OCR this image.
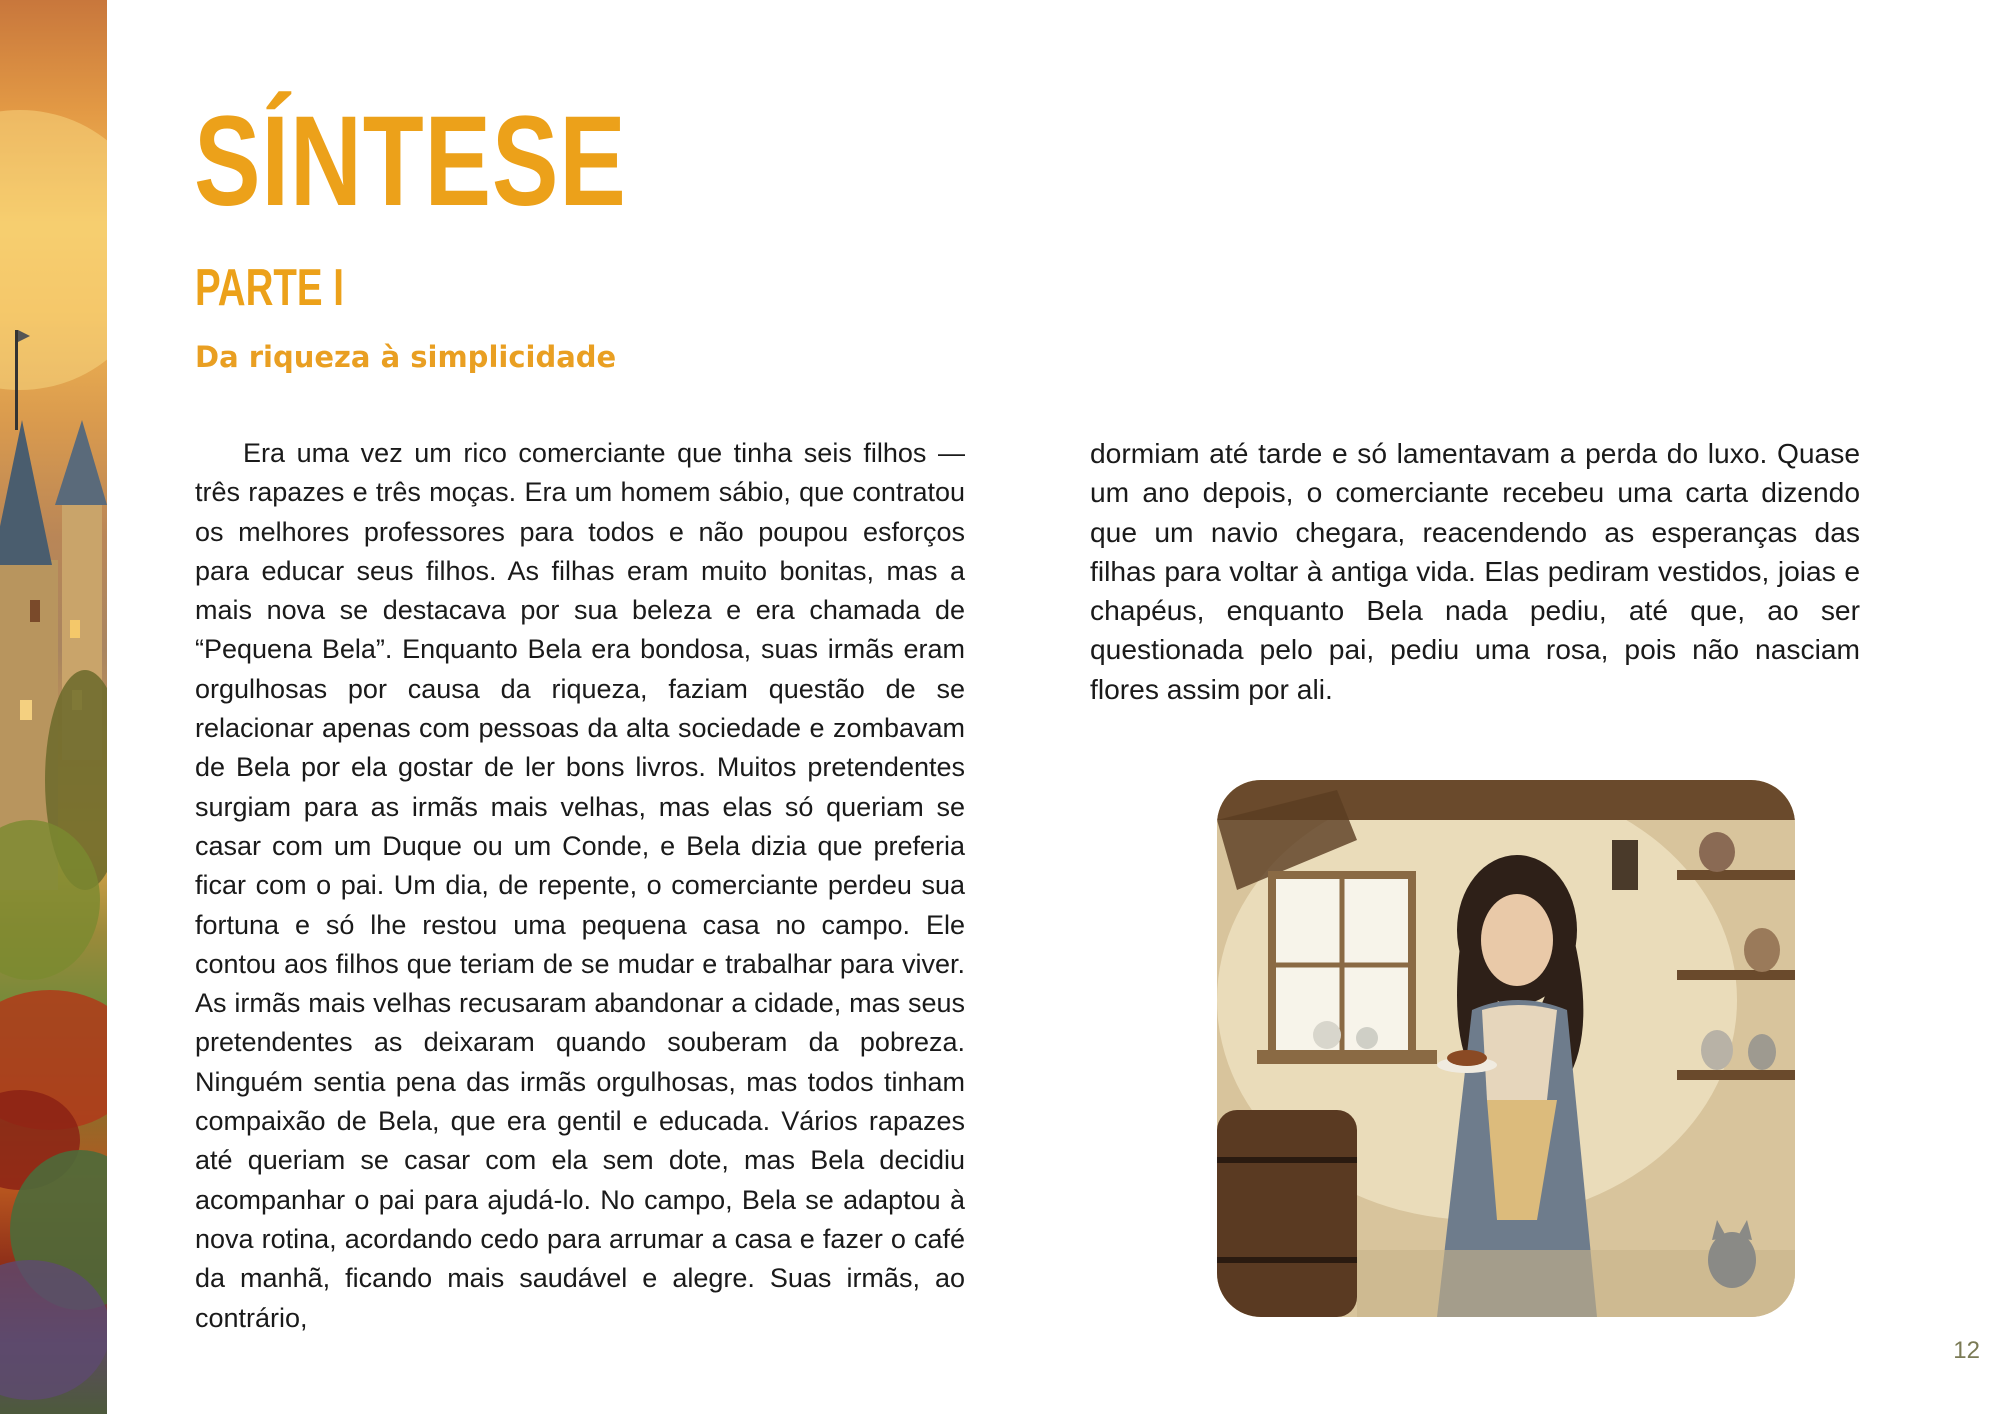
SÍNTESE
PARTE I
Da riqueza à simplicidade

Era uma vez um rico comerciante que tinha seis filhos — três rapazes e três moças. Era um homem sábio, que contratou os melhores professores para todos e não poupou esforços para educar seus filhos. As filhas eram muito bonitas, mas a mais nova se destacava por sua beleza e era chamada de “Pequena Bela”. Enquanto Bela era bondosa, suas irmãs eram orgulhosas por causa da riqueza, faziam questão de se relacionar apenas com pessoas da alta sociedade e zombavam de Bela por ela gostar de ler bons livros. Muitos pretendentes surgiam para as irmãs mais velhas, mas elas só queriam se casar com um Duque ou um Conde, e Bela dizia que preferia ficar com o pai. Um dia, de repente, o comerciante perdeu sua fortuna e só lhe restou uma pequena casa no campo. Ele contou aos filhos que teriam de se mudar e trabalhar para viver. As irmãs mais velhas recusaram abandonar a cidade, mas seus pretendentes as deixaram quando souberam da pobreza. Ninguém sentia pena das irmãs orgulhosas, mas todos tinham compaixão de Bela, que era gentil e educada. Vários rapazes até queriam se casar com ela sem dote, mas Bela decidiu acompanhar o pai para ajudá-lo. No campo, Bela se adaptou à nova rotina, acordando cedo para arrumar a casa e fazer o café da manhã, ficando mais saudável e alegre. Suas irmãs, ao contrário,

dormiam até tarde e só lamentavam a perda do luxo. Quase um ano depois, o comerciante recebeu uma carta dizendo que um navio chegara, reacendendo as esperanças das filhas para voltar à antiga vida. Elas pediram vestidos, joias e chapéus, enquanto Bela nada pediu, até que, ao ser questionada pelo pai, pediu uma rosa, pois não nasciam flores assim por ali.

12
